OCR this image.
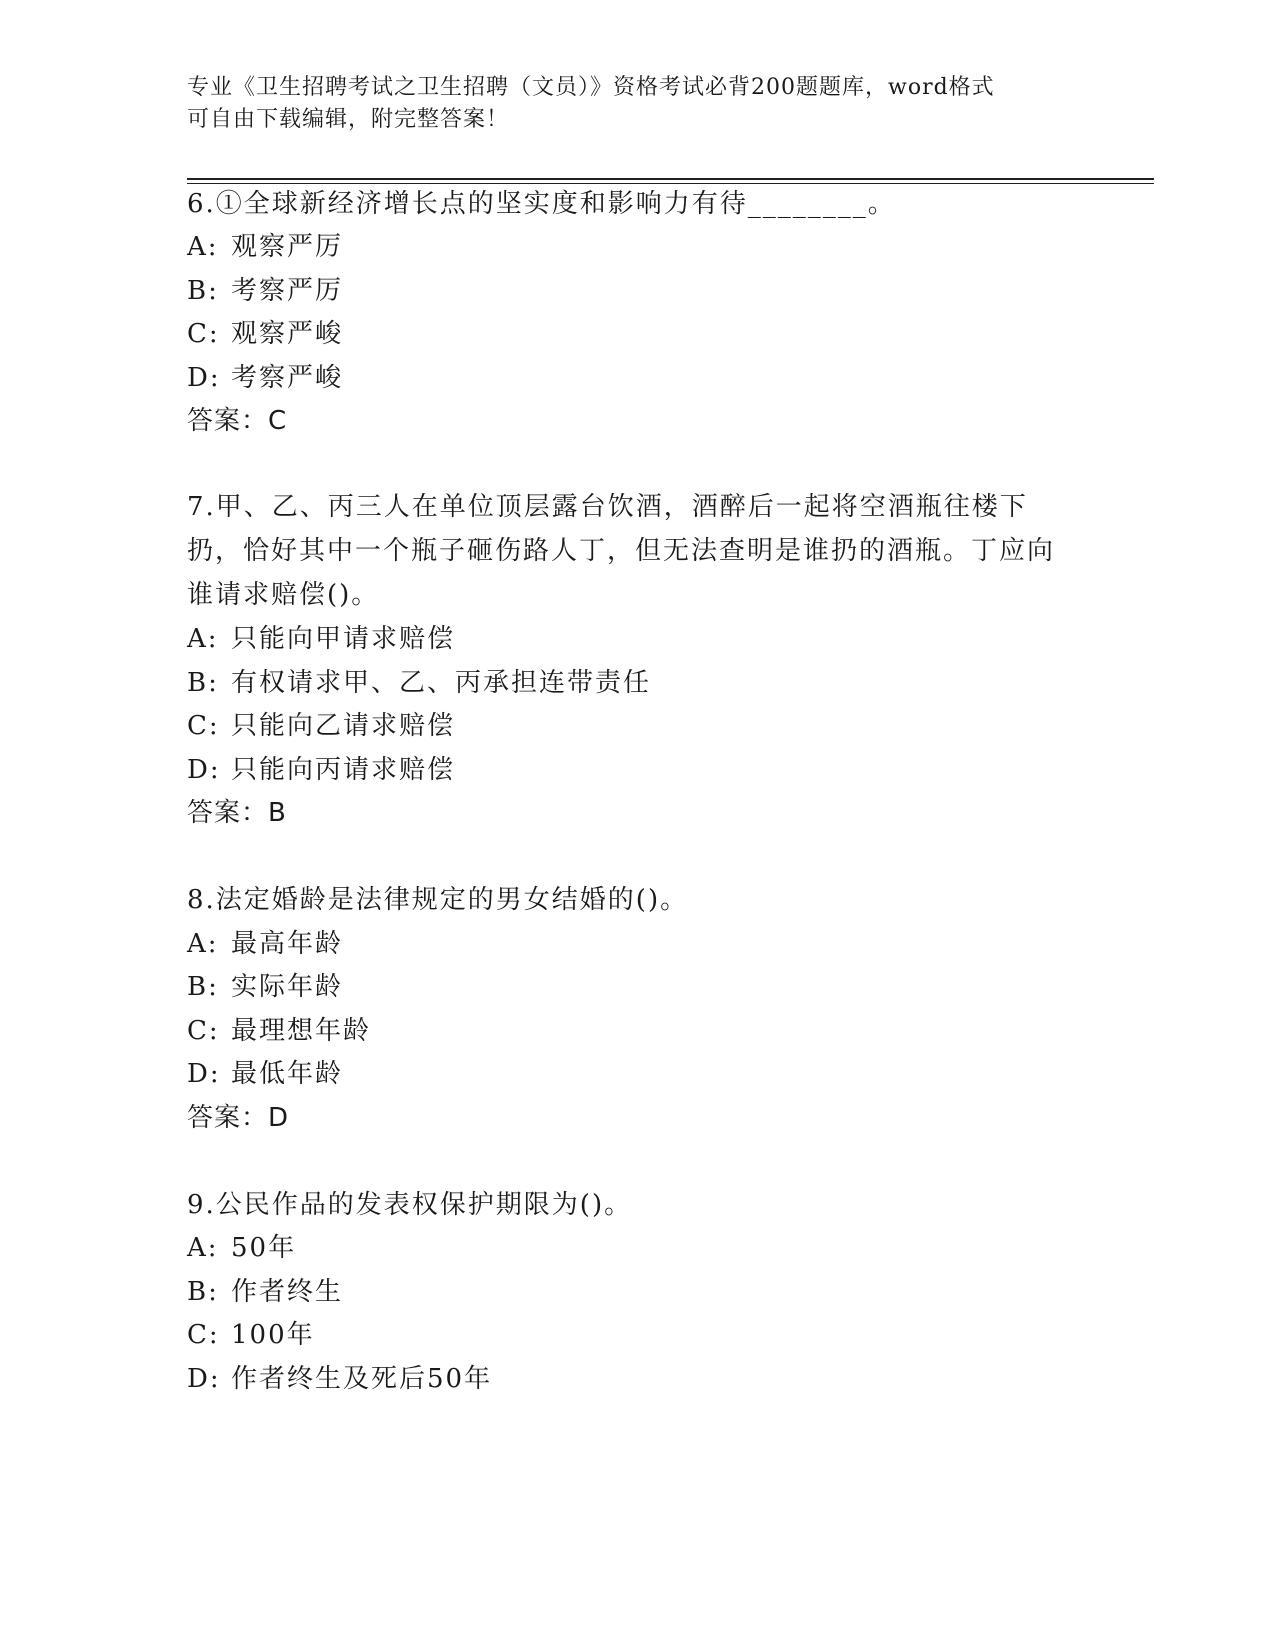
专业《卫生招聘考试之卫生招聘（文员）》资格考试必背200题题库，word格式
可自由下载编辑，附完整答案！
6.①全球新经济增长点的坚实度和影响力有待________。
A: 观察严厉
B: 考察严厉
C: 观察严峻
D: 考察严峻
答案：C
7.甲、乙、丙三人在单位顶层露台饮酒，酒醉后一起将空酒瓶往楼下扔，恰好其中一个瓶子砸伤路人丁，但无法查明是谁扔的酒瓶。丁应向谁请求赔偿()。
A: 只能向甲请求赔偿
B: 有权请求甲、乙、丙承担连带责任
C: 只能向乙请求赔偿
D: 只能向丙请求赔偿
答案：B
8.法定婚龄是法律规定的男女结婚的()。
A: 最高年龄
B: 实际年龄
C: 最理想年龄
D: 最低年龄
答案：D
9.公民作品的发表权保护期限为()。
A: 50年
B: 作者终生
C: 100年
D: 作者终生及死后50年
